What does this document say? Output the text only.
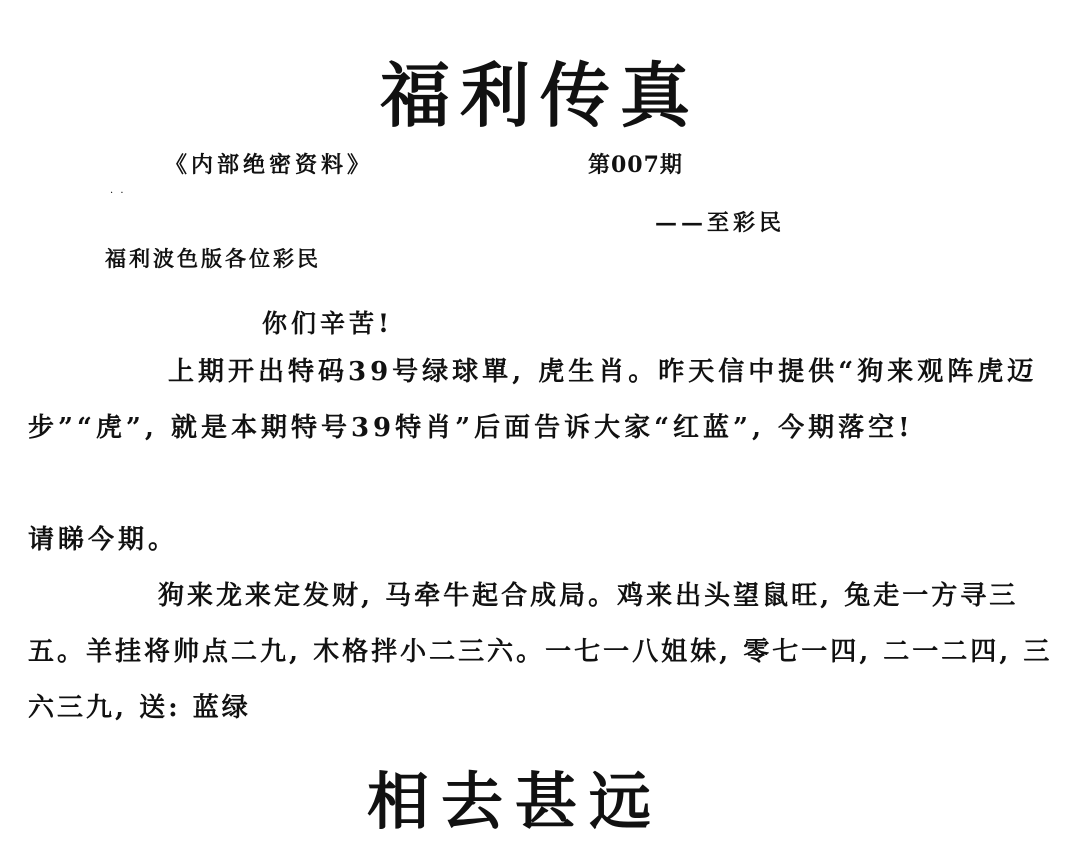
福利传真
《内部绝密资料》	第007期
· ·
——至彩民
福利波色版各位彩民
你们辛苦!
上期开出特码39号绿球單, 虎生肖。昨天信中提供“狗来观阵虎迈步”“虎”, 就是本期特号39特肖”后面告诉大家“红蓝”, 今期落空!
请睇今期。
狗来龙来定发财, 马牵牛起合成局。鸡来出头望鼠旺, 兔走一方寻三五。羊挂将帅点二九, 木格拌小二三六。一七一八姐妹, 零七一四, 二一二四, 三六三九, 送: 蓝绿
相去甚远
